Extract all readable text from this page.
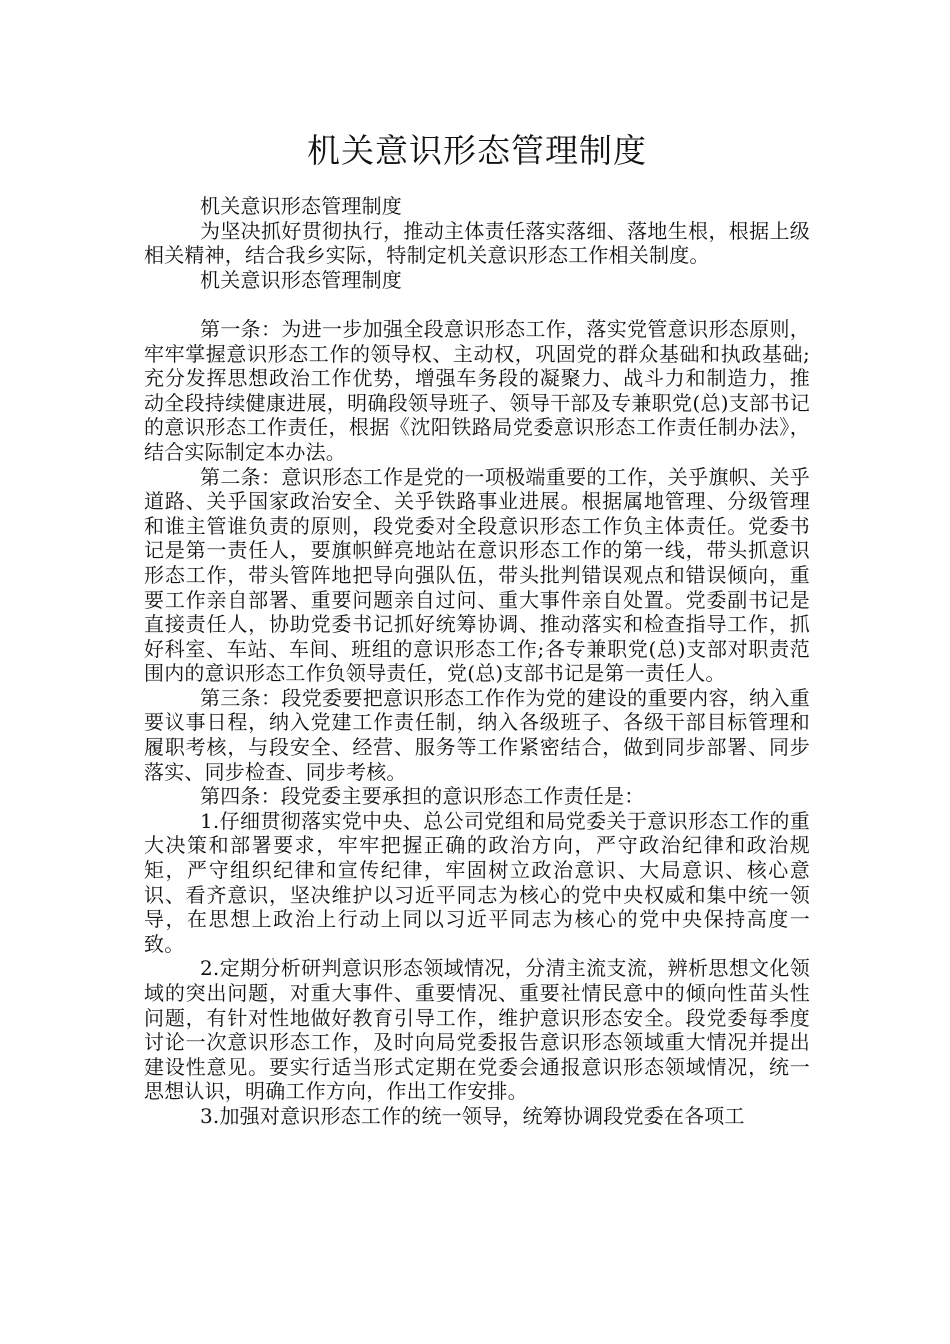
机关意识形态管理制度

机关意识形态管理制度

为坚决抓好贯彻执行，推动主体责任落实落细、落地生根，根据上级相关精神，结合我乡实际，特制定机关意识形态工作相关制度。

机关意识形态管理制度

第一条：为进一步加强全段意识形态工作，落实党管意识形态原则，牢牢掌握意识形态工作的领导权、主动权，巩固党的群众基础和执政基础;充分发挥思想政治工作优势，增强车务段的凝聚力、战斗力和制造力，推动全段持续健康进展，明确段领导班子、领导干部及专兼职党(总)支部书记的意识形态工作责任，根据《沈阳铁路局党委意识形态工作责任制办法》，结合实际制定本办法。

第二条：意识形态工作是党的一项极端重要的工作，关乎旗帜、关乎道路、关乎国家政治安全、关乎铁路事业进展。根据属地管理、分级管理和谁主管谁负责的原则，段党委对全段意识形态工作负主体责任。党委书记是第一责任人，要旗帜鲜亮地站在意识形态工作的第一线，带头抓意识形态工作，带头管阵地把导向强队伍，带头批判错误观点和错误倾向，重要工作亲自部署、重要问题亲自过问、重大事件亲自处置。党委副书记是直接责任人，协助党委书记抓好统筹协调、推动落实和检查指导工作，抓好科室、车站、车间、班组的意识形态工作;各专兼职党(总)支部对职责范围内的意识形态工作负领导责任，党(总)支部书记是第一责任人。

第三条：段党委要把意识形态工作作为党的建设的重要内容，纳入重要议事日程，纳入党建工作责任制，纳入各级班子、各级干部目标管理和履职考核，与段安全、经营、服务等工作紧密结合，做到同步部署、同步落实、同步检查、同步考核。

第四条：段党委主要承担的意识形态工作责任是：

1.仔细贯彻落实党中央、总公司党组和局党委关于意识形态工作的重大决策和部署要求，牢牢把握正确的政治方向，严守政治纪律和政治规矩，严守组织纪律和宣传纪律，牢固树立政治意识、大局意识、核心意识、看齐意识，坚决维护以习近平同志为核心的党中央权威和集中统一领导，在思想上政治上行动上同以习近平同志为核心的党中央保持高度一致。

2.定期分析研判意识形态领域情况，分清主流支流，辨析思想文化领域的突出问题，对重大事件、重要情况、重要社情民意中的倾向性苗头性问题，有针对性地做好教育引导工作，维护意识形态安全。段党委每季度讨论一次意识形态工作，及时向局党委报告意识形态领域重大情况并提出建设性意见。要实行适当形式定期在党委会通报意识形态领域情况，统一思想认识，明确工作方向，作出工作安排。

3.加强对意识形态工作的统一领导，统筹协调段党委在各项工
